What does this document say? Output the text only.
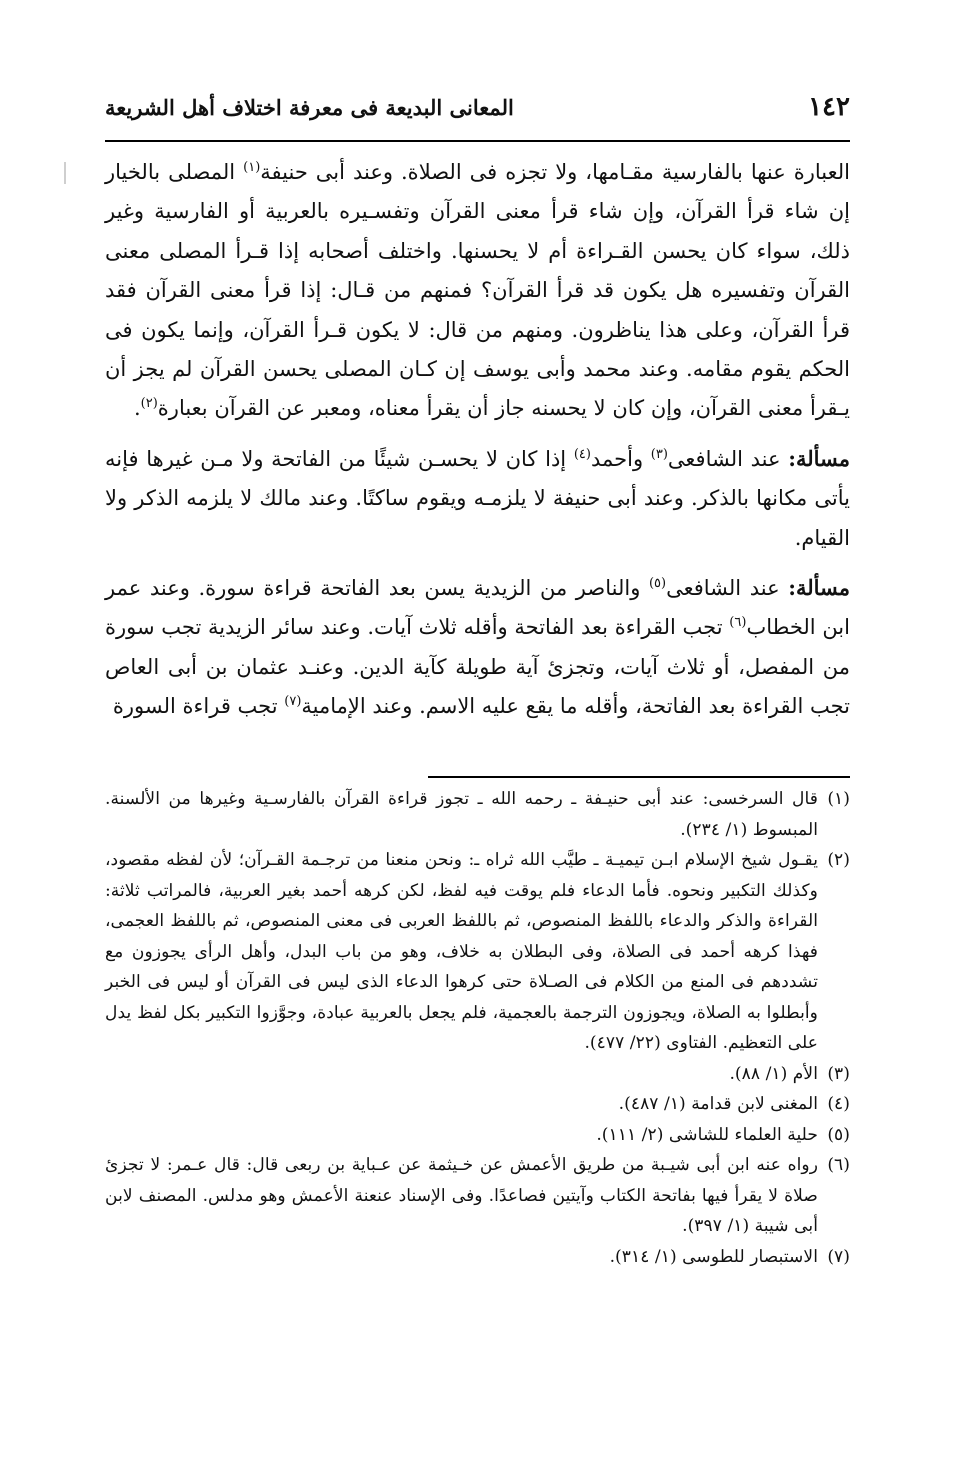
١٤٢
المعانى البديعة فى معرفة اختلاف أهل الشريعة

العبارة عنها بالفارسية مقـامها، ولا تجزه فى الصلاة. وعند أبى حنيفة$^{(١)}$ المصلى بالخيار إن شاء قرأ القرآن، وإن شاء قرأ معنى القرآن وتفسـيره بالعربية أو الفارسية وغير ذلك، سواء كان يحسن القـراءة أم لا يحسنها. واختلف أصحابه إذا قـرأ المصلى معنى القرآن وتفسيره هل يكون قد قرأ القرآن؟ فمنهم من قـال: إذا قرأ معنى القرآن فقد قرأ القرآن، وعلى هذا يناظرون. ومنهم من قال: لا يكون قـرأ القرآن، وإنما يكون فى الحكم يقوم مقامه. وعند محمد وأبى يوسف إن كـان المصلى يحسن القرآن لم يجز أن يـقرأ معنى القرآن، وإن كان لا يحسنه جاز أن يقرأ معناه، ومعبر عن القرآن بعبارة$^{(٢)}$.

مسألة: عند الشافعى$^{(٣)}$ وأحمد$^{(٤)}$ إذا كان لا يحسـن شيئًا من الفاتحة ولا مـن غيرها فإنه يأتى مكانها بالذكر. وعند أبى حنيفة لا يلزمـه ويقوم ساكتًا. وعند مالك لا يلزمه الذكر ولا القيام.

مسألة: عند الشافعى$^{(٥)}$ والناصر من الزيدية يسن بعد الفاتحة قراءة سورة. وعند عمر ابن الخطاب$^{(٦)}$ تجب القراءة بعد الفاتحة وأقله ثلاث آيات. وعند سائر الزيدية تجب سورة من المفصل، أو ثلاث آيات، وتجزئ آية طويلة كآية الدين. وعنـد عثمان بن أبى العاص تجب القراءة بعد الفاتحة، وأقله ما يقع عليه الاسم. وعند الإمامية$^{(٧)}$ تجب قراءة السورة

(١)
قال السرخسى: عند أبى حنيـفة ـ رحمه الله ـ تجوز قراءة القرآن بالفارسـية وغيرها من الألسنة. المبسوط (١/ ٢٣٤).
(٢)
يقـول شيخ الإسلام ابـن تيميـة ـ طيَّب الله ثراه ـ: ونحن منعنا من ترجـمة القـرآن؛ لأن لفظه مقصود، وكذلك التكبير ونحوه. فأما الدعاء فلم يوقت فيه لفظ، لكن كرهه أحمد بغير العربية، فالمراتب ثلاثة: القراءة والذكر والدعاء باللفظ المنصوص، ثم باللفظ العربى فى معنى المنصوص، ثم باللفظ العجمى، فهذا كرهه أحمد فى الصلاة، وفى البطلان به خلاف، وهو من باب البدل، وأهل الرأى يجوزون مع تشددهم فى المنع من الكلام فى الصـلاة حتى كرهوا الدعاء الذى ليس فى القرآن أو ليس فى الخبر وأبطلوا به الصلاة، ويجوزون الترجمة بالعجمية، فلم يجعل بالعربية عبادة، وجوَّزوا التكبير بكل لفظ يدل على التعظيم. الفتاوى (٢٢/ ٤٧٧).
(٣)
الأم (١/ ٨٨).
(٤)
المغنى لابن قدامة (١/ ٤٨٧).
(٥)
حلية العلماء للشاشى (٢/ ١١١).
(٦)
رواه عنه ابن أبى شيـبة من طريق الأعمش عن خـيثمة عن عـباية بن ربعى قال: قال عـمر: لا تجزئ صلاة لا يقرأ فيها بفاتحة الكتاب وآيتين فصاعدًا. وفى الإسناد عنعنة الأعمش وهو مدلس. المصنف لابن أبى شيبة (١/ ٣٩٧).
(٧)
الاستبصار للطوسى (١/ ٣١٤).
